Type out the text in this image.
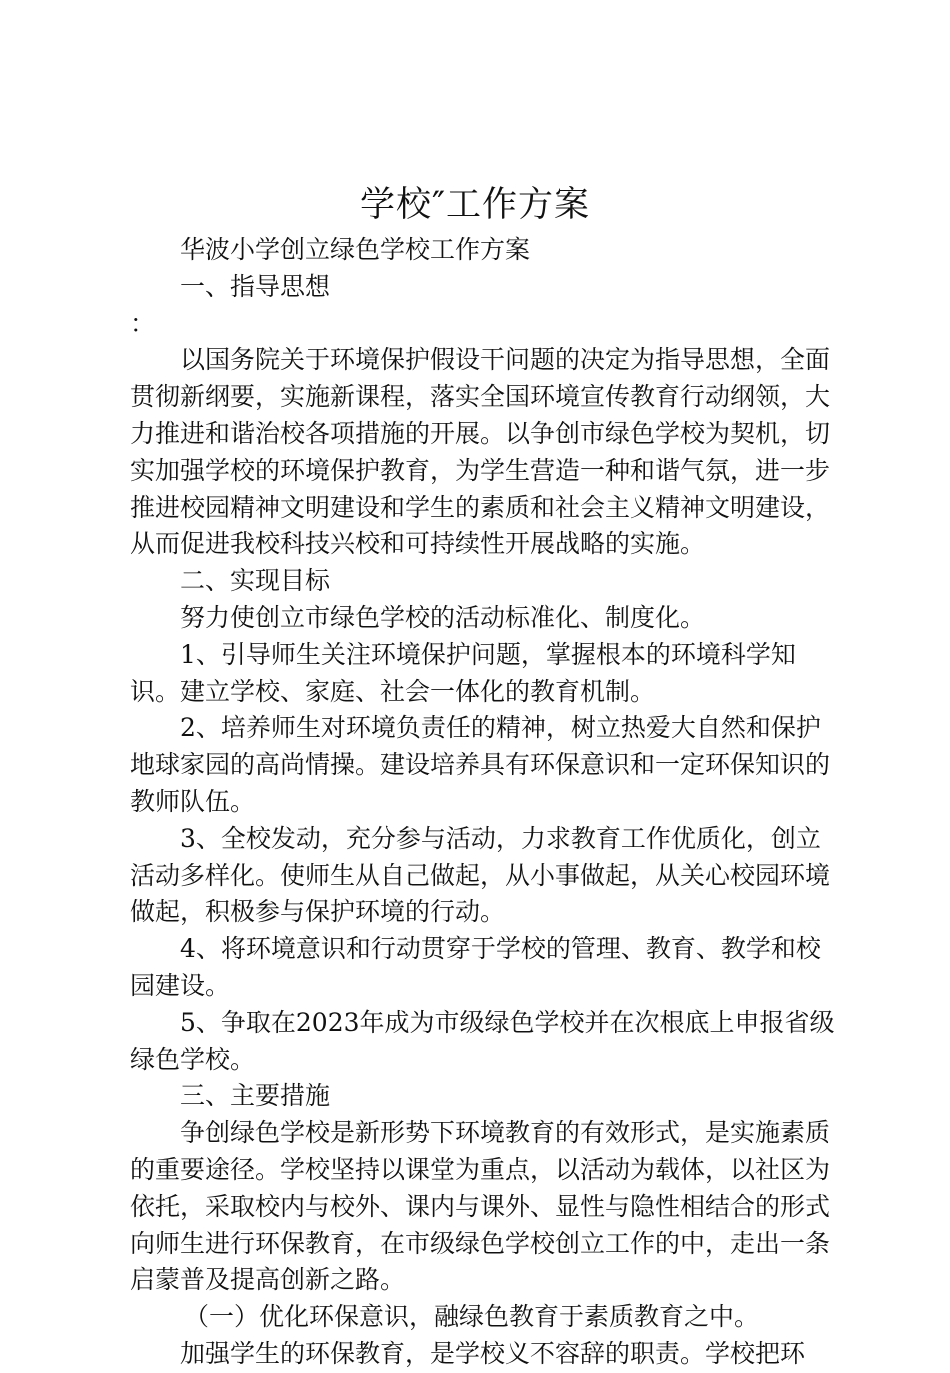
学校″工作方案

华波小学创立绿色学校工作方案

一、指导思想

：

以国务院关于环境保护假设干问题的决定为指导思想，全面贯彻新纲要，实施新课程，落实全国环境宣传教育行动纲领，大力推进和谐治校各项措施的开展。以争创市绿色学校为契机，切实加强学校的环境保护教育，为学生营造一种和谐气氛，进一步推进校园精神文明建设和学生的素质和社会主义精神文明建设，从而促进我校科技兴校和可持续性开展战略的实施。

二、实现目标

努力使创立市绿色学校的活动标准化、制度化。

1、引导师生关注环境保护问题，掌握根本的环境科学知识。建立学校、家庭、社会一体化的教育机制。

2、培养师生对环境负责任的精神，树立热爱大自然和保护地球家园的高尚情操。建设培养具有环保意识和一定环保知识的教师队伍。

3、全校发动，充分参与活动，力求教育工作优质化，创立活动多样化。使师生从自己做起，从小事做起，从关心校园环境做起，积极参与保护环境的行动。

4、将环境意识和行动贯穿于学校的管理、教育、教学和校园建设。

5、争取在2023年成为市级绿色学校并在次根底上申报省级绿色学校。

三、主要措施

争创绿色学校是新形势下环境教育的有效形式，是实施素质的重要途径。学校坚持以课堂为重点，以活动为载体，以社区为依托，采取校内与校外、课内与课外、显性与隐性相结合的形式向师生进行环保教育，在市级绿色学校创立工作的中，走出一条启蒙普及提高创新之路。

（一）优化环保意识，融绿色教育于素质教育之中。

加强学生的环保教育，是学校义不容辞的职责。学校把环
